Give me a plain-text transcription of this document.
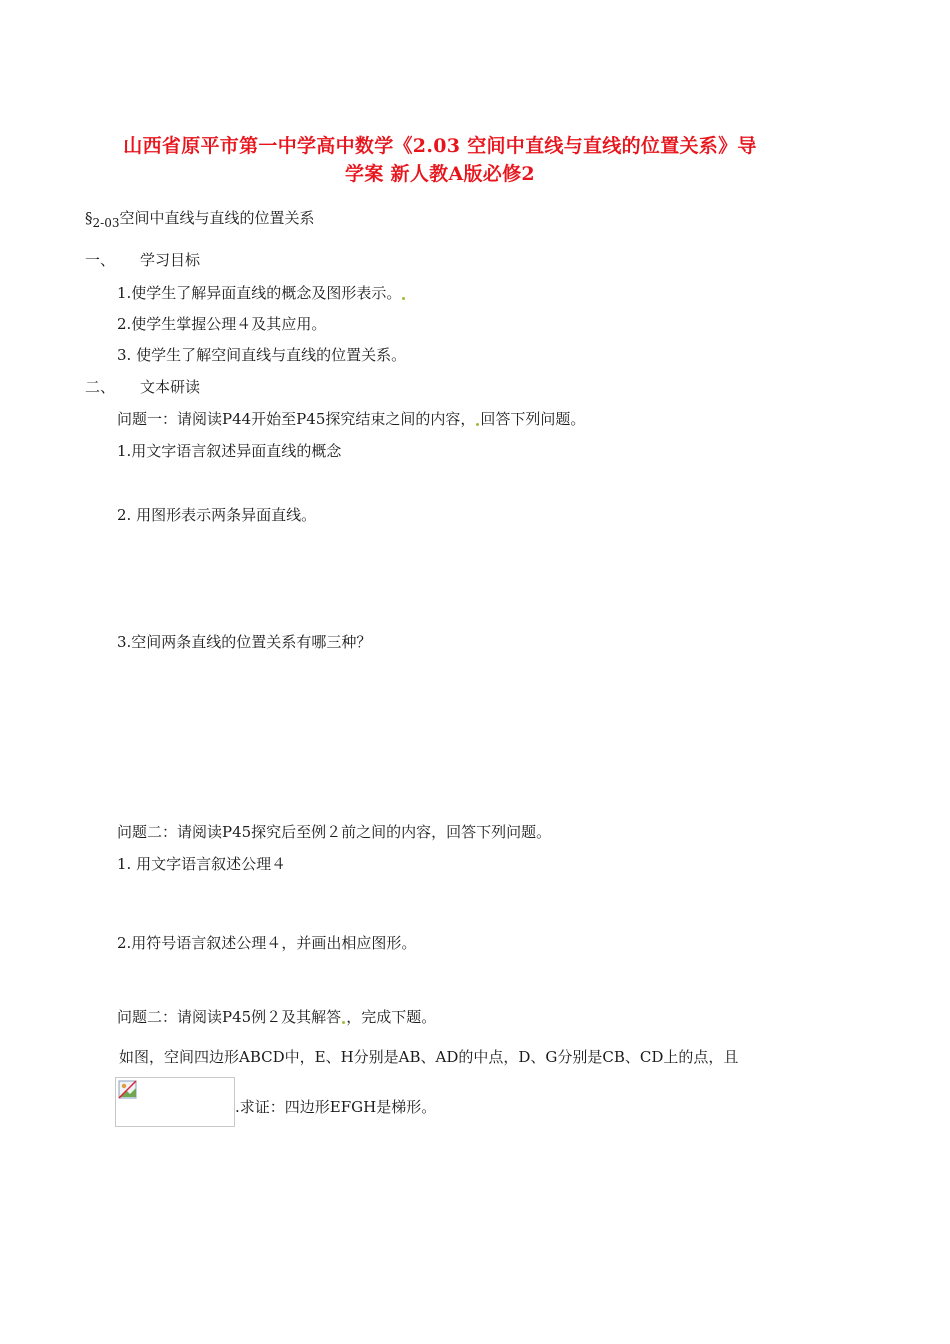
山西省原平市第一中学高中数学《2.03 空间中直线与直线的位置关系》导
学案 新人教A版必修2
$\S_{2-03}$空间中直线与直线的位置关系
一、 学习目标
1.使学生了解异面直线的概念及图形表示。
2.使学生掌握公理４及其应用。
3. 使学生了解空间直线与直线的位置关系。
二、 文本研读
问题一：请阅读P44开始至P45探究结束之间的内容， 回答下列问题。
1.用文字语言叙述异面直线的概念
2. 用图形表示两条异面直线。
3.空间两条直线的位置关系有哪三种？
问题二：请阅读P45探究后至例２前之间的内容，回答下列问题。
1. 用文字语言叙述公理４
2.用符号语言叙述公理４，并画出相应图形。
问题二：请阅读P45例２及其解答 ，完成下题。
如图，空间四边形ABCD中，E、H分别是AB、AD的中点，D、G分别是CB、CD上的点，且
.求证：四边形EFGH是梯形。
